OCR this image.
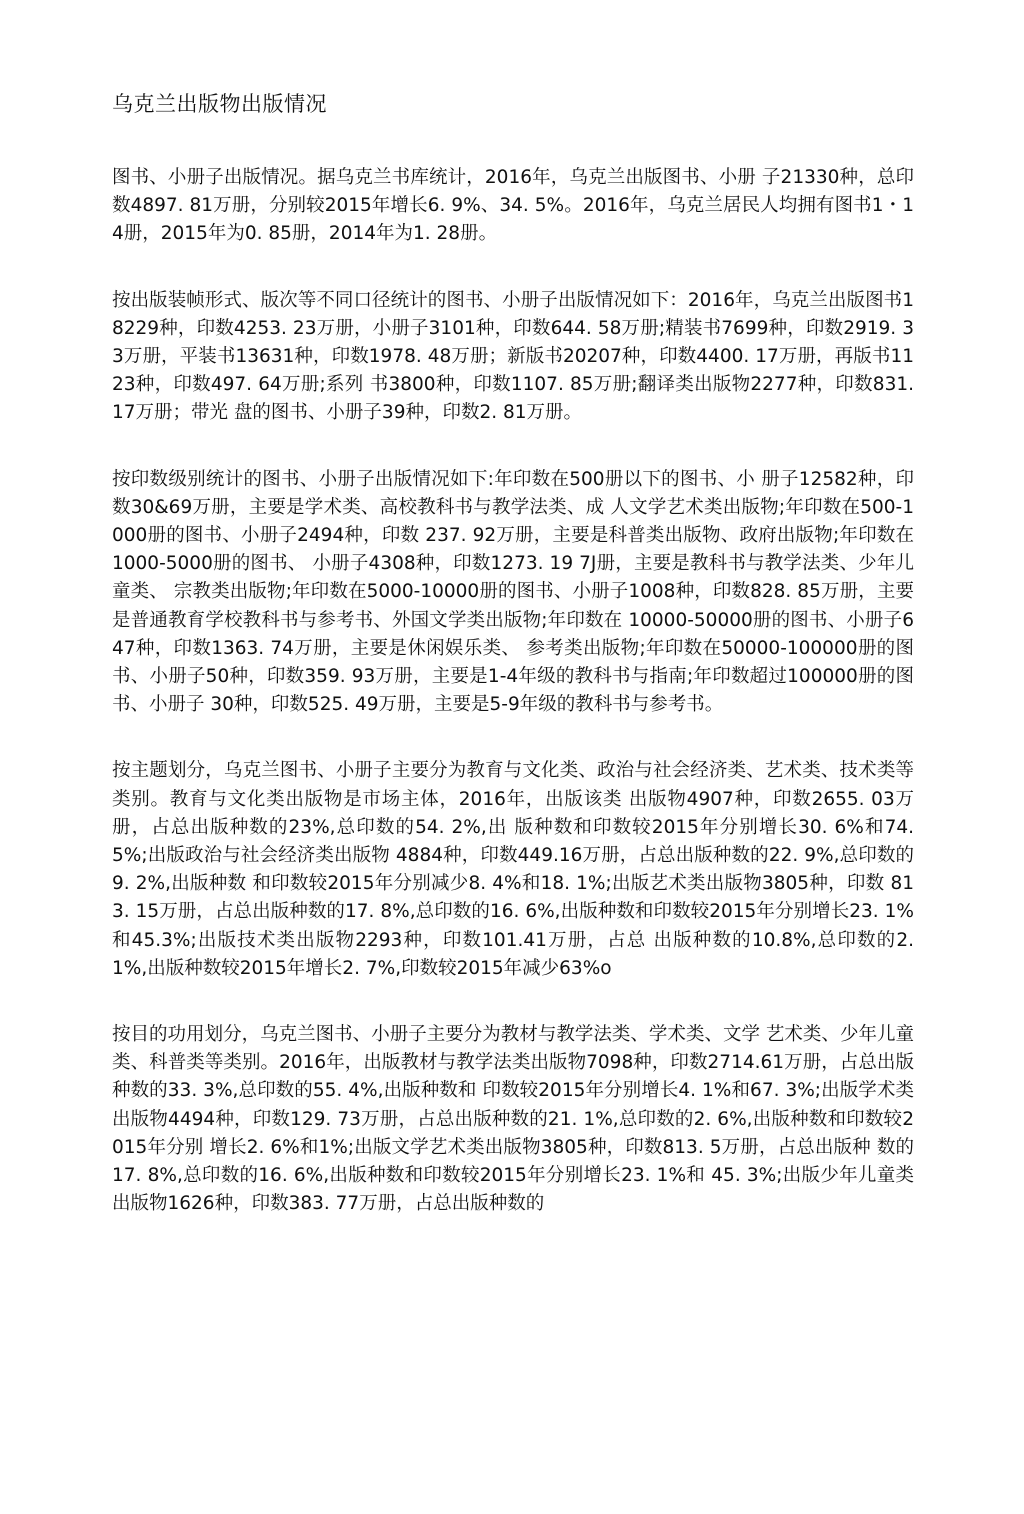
乌克兰出版物出版情况

图书、小册子出版情况。据乌克兰书库统计，2016年，乌克兰出版图书、小册 子21330种，总印数4897. 81万册，分别较2015年增长6. 9%、34. 5%。2016年，乌克兰居民人均拥有图书1・14册，2015年为0. 85册，2014年为1. 28册。

按出版装帧形式、版次等不同口径统计的图书、小册子出版情况如下：2016年，乌克兰出版图书18229种，印数4253. 23万册，小册子3101种，印数644. 58万册;精装书7699种，印数2919. 33万册，平装书13631种，印数1978. 48万册；新版书20207种，印数4400. 17万册，再版书1123种，印数497. 64万册;系列 书3800种，印数1107. 85万册;翻译类出版物2277种，印数831. 17万册；带光 盘的图书、小册子39种，印数2. 81万册。

按印数级别统计的图书、小册子出版情况如下:年印数在500册以下的图书、小 册子12582种，印数30&69万册，主要是学术类、高校教科书与教学法类、成 人文学艺术类出版物;年印数在500-1000册的图书、小册子2494种，印数 237. 92万册，主要是科普类出版物、政府出版物;年印数在1000-5000册的图书、 小册子4308种，印数1273. 19 7J册，主要是教科书与教学法类、少年儿童类、 宗教类出版物;年印数在5000-10000册的图书、小册子1008种，印数828. 85万册，主要是普通教育学校教科书与参考书、外国文学类出版物;年印数在 10000-50000册的图书、小册子647种，印数1363. 74万册，主要是休闲娱乐类、 参考类出版物;年印数在50000-100000册的图书、小册子50种，印数359. 93万册，主要是1-4年级的教科书与指南;年印数超过100000册的图书、小册子 30种，印数525. 49万册，主要是5-9年级的教科书与参考书。

按主题划分，乌克兰图书、小册子主要分为教育与文化类、政治与社会经济类、艺术类、技术类等类别。教育与文化类出版物是市场主体，2016年，出版该类 出版物4907种，印数2655. 03万册，占总出版种数的23%,总印数的54. 2%,出 版种数和印数较2015年分别增长30. 6%和74. 5%;出版政治与社会经济类出版物 4884种，印数449.16万册，占总出版种数的22. 9%,总印数的9. 2%,出版种数 和印数较2015年分别减少8. 4%和18. 1%;出版艺术类出版物3805种，印数 813. 15万册，占总出版种数的17. 8%,总印数的16. 6%,出版种数和印数较2015年分别增长23. 1%和45.3%;出版技术类出版物2293种，印数101.41万册，占总 出版种数的10.8%,总印数的2. 1%,出版种数较2015年增长2. 7%,印数较2015年减少63%o

按目的功用划分，乌克兰图书、小册子主要分为教材与教学法类、学术类、文学 艺术类、少年儿童类、科普类等类别。2016年，出版教材与教学法类出版物7098种，印数2714.61万册，占总出版种数的33. 3%,总印数的55. 4%,出版种数和 印数较2015年分别增长4. 1%和67. 3%;出版学术类出版物4494种，印数129. 73万册，占总出版种数的21. 1%,总印数的2. 6%,出版种数和印数较2015年分别 增长2. 6%和1%;出版文学艺术类出版物3805种，印数813. 5万册，占总出版种 数的17. 8%,总印数的16. 6%,出版种数和印数较2015年分别增长23. 1%和 45. 3%;出版少年儿童类出版物1626种，印数383. 77万册，占总出版种数的
